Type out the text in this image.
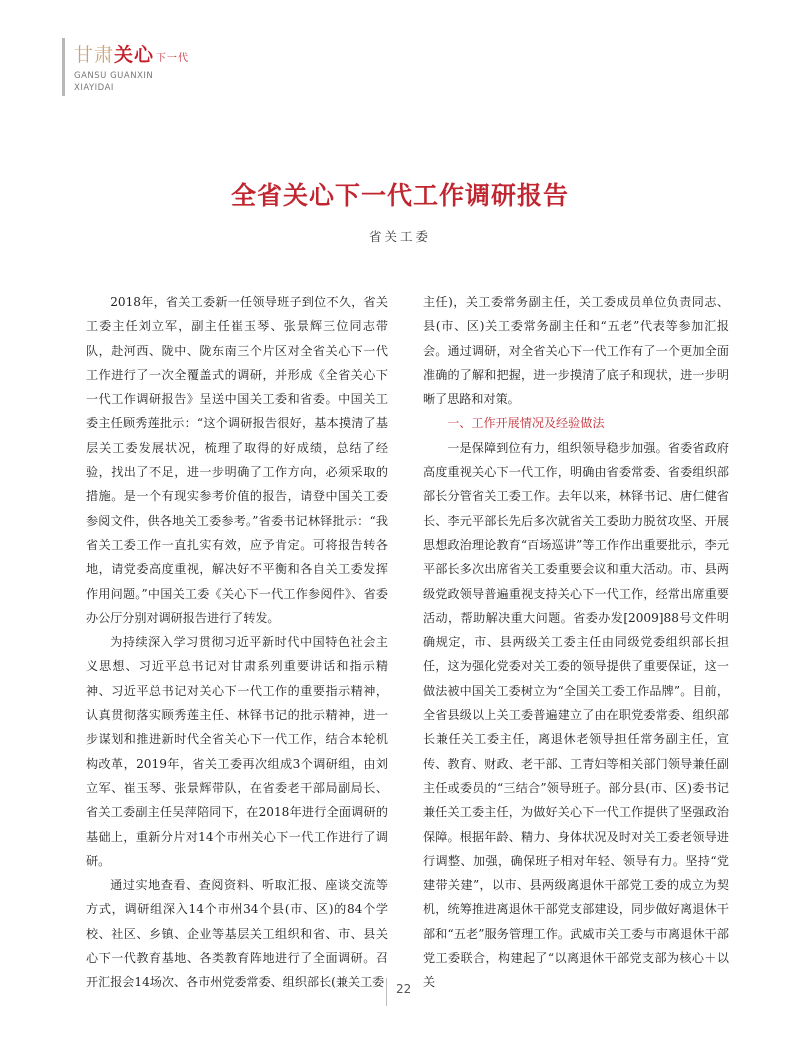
甘肃关心 下一代
GANSU GUANXIN
XIAYIDAI
全省关心下一代工作调研报告
省关工委

2018年，省关工委新一任领导班子到位不久，省关工委主任刘立军，副主任崔玉琴、张景辉三位同志带队，赴河西、陇中、陇东南三个片区对全省关心下一代工作进行了一次全覆盖式的调研，并形成《全省关心下一代工作调研报告》呈送中国关工委和省委。中国关工委主任顾秀莲批示：“这个调研报告很好，基本摸清了基层关工委发展状况，梳理了取得的好成绩，总结了经验，找出了不足，进一步明确了工作方向，必须采取的措施。是一个有现实参考价值的报告，请登中国关工委参阅文件，供各地关工委参考。”省委书记林铎批示：“我省关工委工作一直扎实有效，应予肯定。可将报告转各地，请党委高度重视，解决好不平衡和各自关工委发挥作用问题。”中国关工委《关心下一代工作参阅件》、省委办公厅分别对调研报告进行了转发。

为持续深入学习贯彻习近平新时代中国特色社会主义思想、习近平总书记对甘肃系列重要讲话和指示精神、习近平总书记对关心下一代工作的重要指示精神，认真贯彻落实顾秀莲主任、林铎书记的批示精神，进一步谋划和推进新时代全省关心下一代工作，结合本轮机构改革，2019年，省关工委再次组成3个调研组，由刘立军、崔玉琴、张景辉带队，在省委老干部局副局长、省关工委副主任吴萍陪同下，在2018年进行全面调研的基础上，重新分片对14个市州关心下一代工作进行了调研。

通过实地查看、查阅资料、听取汇报、座谈交流等方式，调研组深入14个市州34个县(市、区)的84个学校、社区、乡镇、企业等基层关工组织和省、市、县关心下一代教育基地、各类教育阵地进行了全面调研。召开汇报会14场次、各市州党委常委、组织部长(兼关工委

主任)，关工委常务副主任，关工委成员单位负责同志、县(市、区)关工委常务副主任和“五老”代表等参加汇报会。通过调研，对全省关心下一代工作有了一个更加全面准确的了解和把握，进一步摸清了底子和现状，进一步明晰了思路和对策。

一、工作开展情况及经验做法

一是保障到位有力，组织领导稳步加强。省委省政府高度重视关心下一代工作，明确由省委常委、省委组织部部长分管省关工委工作。去年以来，林铎书记、唐仁健省长、李元平部长先后多次就省关工委助力脱贫攻坚、开展思想政治理论教育“百场巡讲”等工作作出重要批示，李元平部长多次出席省关工委重要会议和重大活动。市、县两级党政领导普遍重视支持关心下一代工作，经常出席重要活动，帮助解决重大问题。省委办发[2009]88号文件明确规定，市、县两级关工委主任由同级党委组织部长担任，这为强化党委对关工委的领导提供了重要保证，这一做法被中国关工委树立为“全国关工委工作品牌”。目前，全省县级以上关工委普遍建立了由在职党委常委、组织部长兼任关工委主任，离退休老领导担任常务副主任，宣传、教育、财政、老干部、工青妇等相关部门领导兼任副主任或委员的“三结合”领导班子。部分县(市、区)委书记兼任关工委主任，为做好关心下一代工作提供了坚强政治保障。根据年龄、精力、身体状况及时对关工委老领导进行调整、加强，确保班子相对年轻、领导有力。坚持“党建带关建”，以市、县两级离退休干部党工委的成立为契机，统筹推进离退休干部党支部建设，同步做好离退休干部和“五老”服务管理工作。武威市关工委与市离退休干部党工委联合，构建起了“以离退休干部党支部为核心＋以关

22
